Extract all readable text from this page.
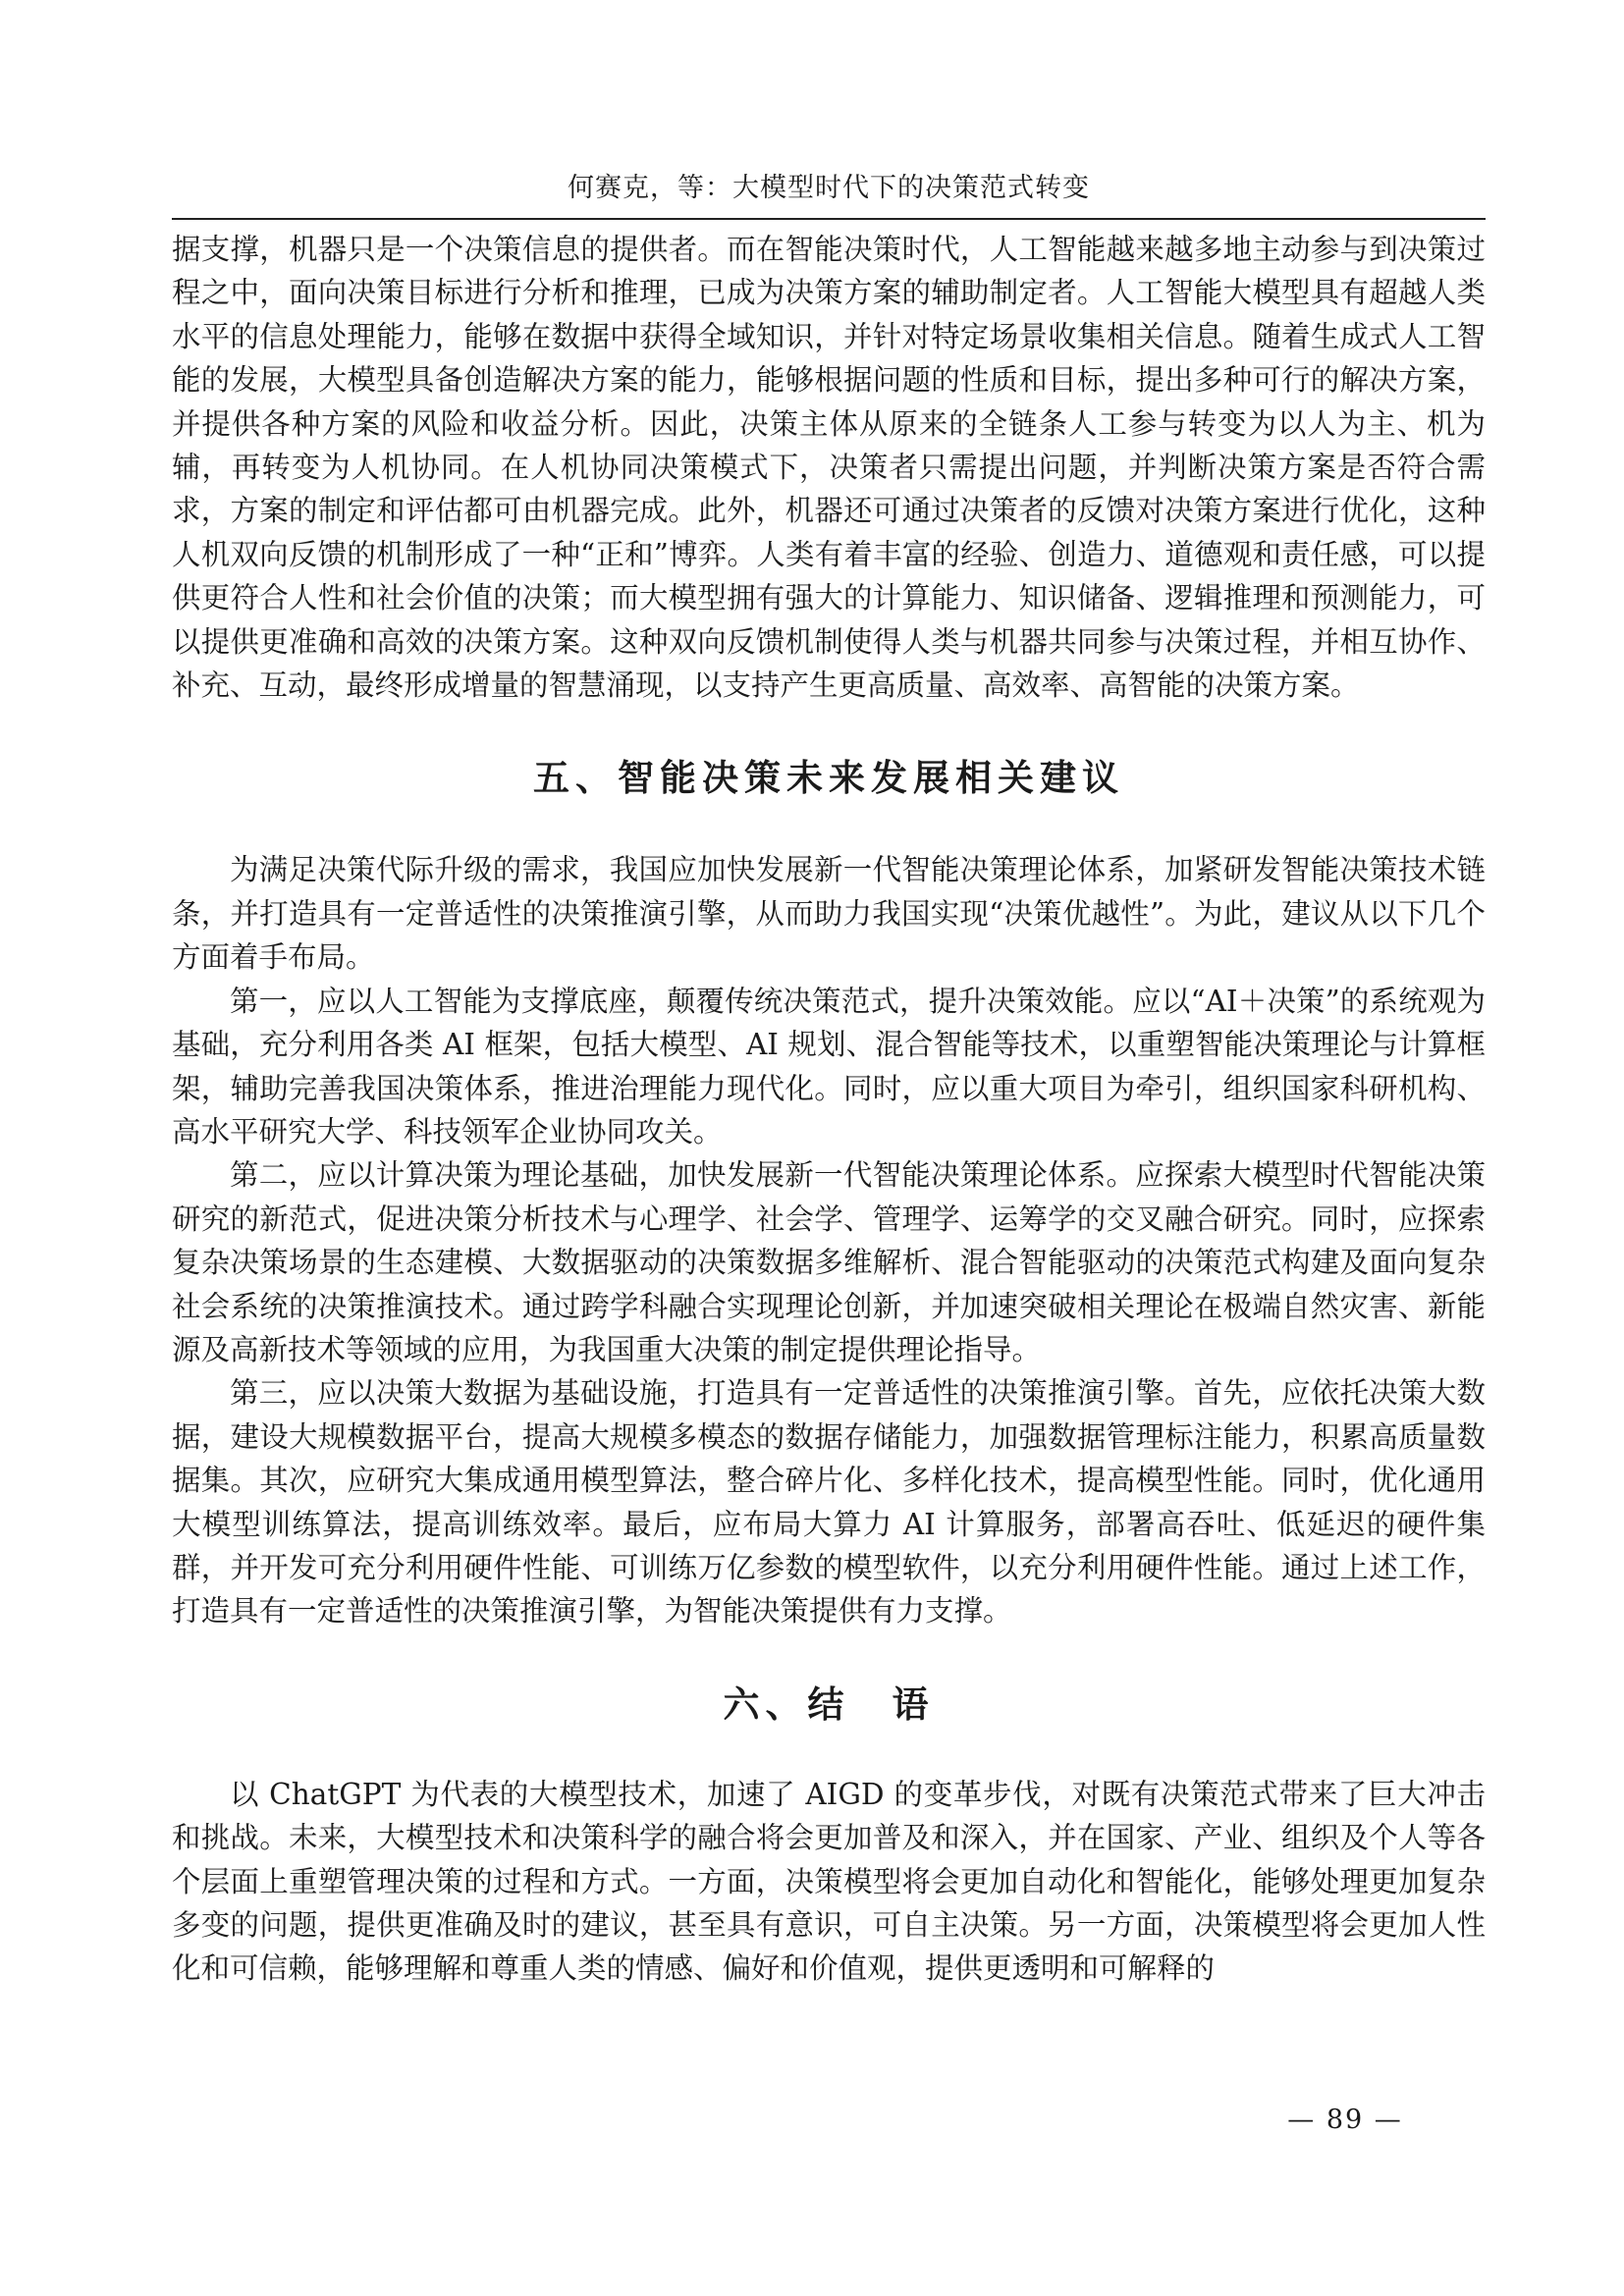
何赛克，等：大模型时代下的决策范式转变

据支撑，机器只是一个决策信息的提供者。而在智能决策时代，人工智能越来越多地主动参与到决策过程之中，面向决策目标进行分析和推理，已成为决策方案的辅助制定者。人工智能大模型具有超越人类水平的信息处理能力，能够在数据中获得全域知识，并针对特定场景收集相关信息。随着生成式人工智能的发展，大模型具备创造解决方案的能力，能够根据问题的性质和目标，提出多种可行的解决方案，并提供各种方案的风险和收益分析。因此，决策主体从原来的全链条人工参与转变为以人为主、机为辅，再转变为人机协同。在人机协同决策模式下，决策者只需提出问题，并判断决策方案是否符合需求，方案的制定和评估都可由机器完成。此外，机器还可通过决策者的反馈对决策方案进行优化，这种人机双向反馈的机制形成了一种“正和”博弈。人类有着丰富的经验、创造力、道德观和责任感，可以提供更符合人性和社会价值的决策；而大模型拥有强大的计算能力、知识储备、逻辑推理和预测能力，可以提供更准确和高效的决策方案。这种双向反馈机制使得人类与机器共同参与决策过程，并相互协作、补充、互动，最终形成增量的智慧涌现，以支持产生更高质量、高效率、高智能的决策方案。

五、智能决策未来发展相关建议

为满足决策代际升级的需求，我国应加快发展新一代智能决策理论体系，加紧研发智能决策技术链条，并打造具有一定普适性的决策推演引擎，从而助力我国实现“决策优越性”。为此，建议从以下几个方面着手布局。

第一，应以人工智能为支撑底座，颠覆传统决策范式，提升决策效能。应以“AI＋决策”的系统观为基础，充分利用各类 AI 框架，包括大模型、AI 规划、混合智能等技术，以重塑智能决策理论与计算框架，辅助完善我国决策体系，推进治理能力现代化。同时，应以重大项目为牵引，组织国家科研机构、高水平研究大学、科技领军企业协同攻关。

第二，应以计算决策为理论基础，加快发展新一代智能决策理论体系。应探索大模型时代智能决策研究的新范式，促进决策分析技术与心理学、社会学、管理学、运筹学的交叉融合研究。同时，应探索复杂决策场景的生态建模、大数据驱动的决策数据多维解析、混合智能驱动的决策范式构建及面向复杂社会系统的决策推演技术。通过跨学科融合实现理论创新，并加速突破相关理论在极端自然灾害、新能源及高新技术等领域的应用，为我国重大决策的制定提供理论指导。

第三，应以决策大数据为基础设施，打造具有一定普适性的决策推演引擎。首先，应依托决策大数据，建设大规模数据平台，提高大规模多模态的数据存储能力，加强数据管理标注能力，积累高质量数据集。其次，应研究大集成通用模型算法，整合碎片化、多样化技术，提高模型性能。同时，优化通用大模型训练算法，提高训练效率。最后，应布局大算力 AI 计算服务，部署高吞吐、低延迟的硬件集群，并开发可充分利用硬件性能、可训练万亿参数的模型软件，以充分利用硬件性能。通过上述工作，打造具有一定普适性的决策推演引擎，为智能决策提供有力支撑。

六、结　语

以 ChatGPT 为代表的大模型技术，加速了 AIGD 的变革步伐，对既有决策范式带来了巨大冲击和挑战。未来，大模型技术和决策科学的融合将会更加普及和深入，并在国家、产业、组织及个人等各个层面上重塑管理决策的过程和方式。一方面，决策模型将会更加自动化和智能化，能够处理更加复杂多变的问题，提供更准确及时的建议，甚至具有意识，可自主决策。另一方面，决策模型将会更加人性化和可信赖，能够理解和尊重人类的情感、偏好和价值观，提供更透明和可解释的

— 89 —
